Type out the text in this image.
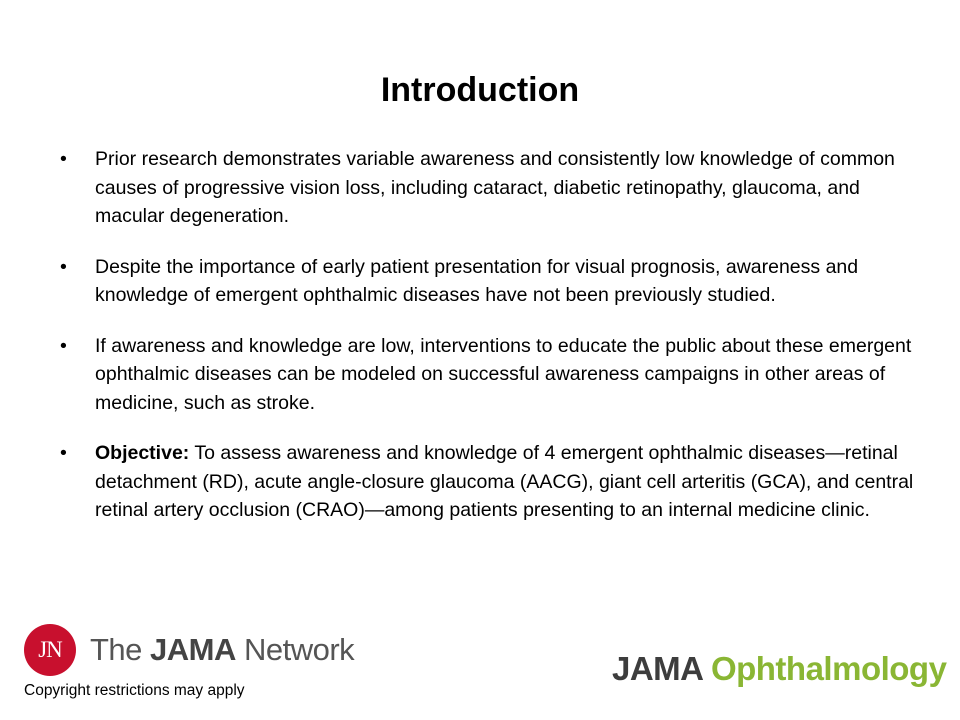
Introduction
• Prior research demonstrates variable awareness and consistently low knowledge of common causes of progressive vision loss, including cataract, diabetic retinopathy, glaucoma, and macular degeneration.
• Despite the importance of early patient presentation for visual prognosis, awareness and knowledge of emergent ophthalmic diseases have not been previously studied.
• If awareness and knowledge are low, interventions to educate the public about these emergent ophthalmic diseases can be modeled on successful awareness campaigns in other areas of medicine, such as stroke.
• Objective: To assess awareness and knowledge of 4 emergent ophthalmic diseases—retinal detachment (RD), acute angle-closure glaucoma (AACG), giant cell arteritis (GCA), and central retinal artery occlusion (CRAO)—among patients presenting to an internal medicine clinic.
JN The JAMA Network
Copyright restrictions may apply
JAMA Ophthalmology
